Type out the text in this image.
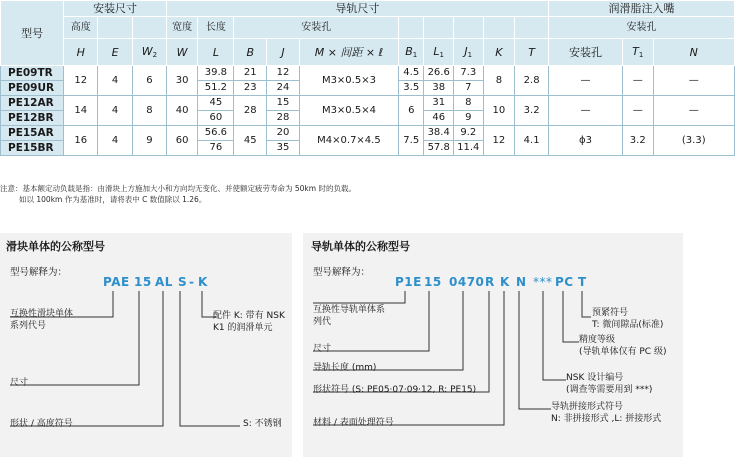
型号	安装尺寸			导轨尺寸										润滑脂注入嘴		
	高度			宽度	长度	安装孔								安装孔		
	H	E	W2	W	L	B	J	M × 间距 × ℓ	B1	L1	J1	K	T	安装孔	T1	N
PE09TR	12	4	6	30	39.8	21	12	M3×0.5×3	4.5	26.6	7.3	8	2.8	—	—	—
PE09UR					51.2	23	24		3.5	38	7					
PE12AR	14	4	8	40	45	28	15	M3×0.5×4	6	31	8	10	3.2	—	—	—
PE12BR					60		28			46	9					
PE15AR	16	4	9	60	56.6	45	20	M4×0.7×4.5	7.5	38.4	9.2	12	4.1	ϕ3	3.2	(3.3)
PE15BR					76		35			57.8	11.4					
注意：基本额定动负载是指：由滑块上方施加大小和方向均无变化、并使额定疲劳寿命为 50km 时的负载。
如以 100km 作为基准时，请将表中 C 数值除以 1.26。
滑块单体的公称型号
型号解释为：
PAE 15 AL S - K
互换性滑块单体
系列代号
尺寸
形状 / 高度符号	S: 不锈钢
配件 K: 带有 NSK
K1 的润滑单元
导轨单体的公称型号
型号解释为：
P1E 15 0470 R K N *** PC T
互换性导轨单体系
列代
尺寸
导轨长度 (mm)
形状符号 (S: PE05·07·09·12, R: PE15)
材料 / 表面处理符号
预紧符号
T: 微间隙品(标准)
精度等级
(导轨单体仅有 PC 级)
NSK 设计编号
(调查等需要用到 ***)
导轨拼接形式符号
N: 非拼接形式 ,L: 拼接形式
